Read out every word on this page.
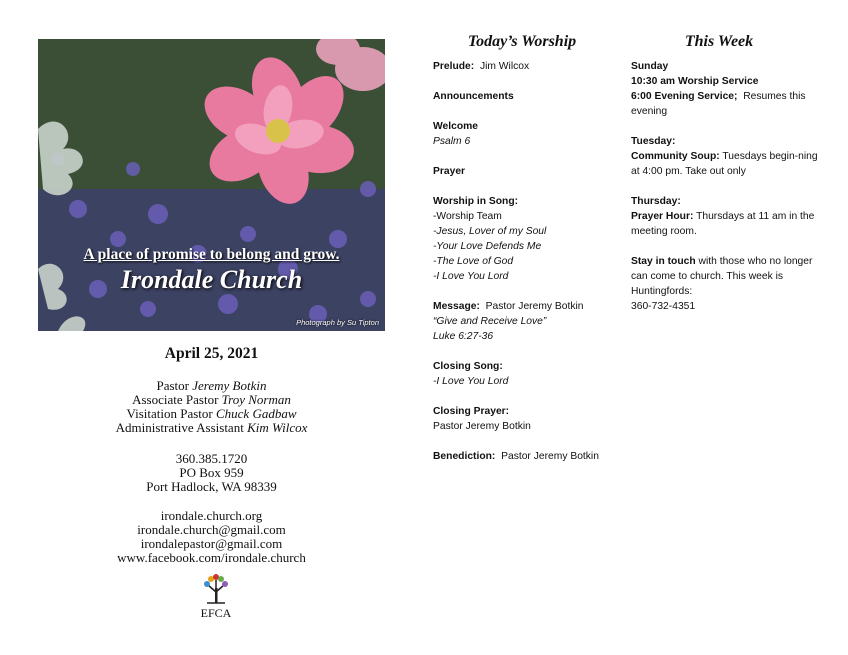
A place of promise to belong and grow.
Irondale Church
Photograph by Su Tipton
April 25, 2021
Pastor Jeremy Botkin
Associate Pastor Troy Norman
Visitation Pastor Chuck Gadbaw
Administrative Assistant Kim Wilcox
360.385.1720
PO Box 959
Port Hadlock, WA 98339
irondale.church.org
irondale.church@gmail.com
irondalepastor@gmail.com
www.facebook.com/irondale.church
EFCA
Today’s Worship

Prelude: Jim Wilcox

Announcements

Welcome
Psalm 6

Prayer

Worship in Song:
-Worship Team
-Jesus, Lover of my Soul
-Your Love Defends Me
-The Love of God
-I Love You Lord

Message: Pastor Jeremy Botkin
“Give and Receive Love”
Luke 6:27-36

Closing Song:
-I Love You Lord

Closing Prayer:
Pastor Jeremy Botkin

Benediction: Pastor Jeremy Botkin

This Week

Sunday
10:30 am Worship Service
6:00 Evening Service; Resumes this evening

Tuesday:
Community Soup: Tuesdays begin-ning at 4:00 pm. Take out only

Thursday:
Prayer Hour: Thursdays at 11 am in the meeting room.

Stay in touch with those who no longer can come to church. This week is Huntingfords:
360-732-4351
